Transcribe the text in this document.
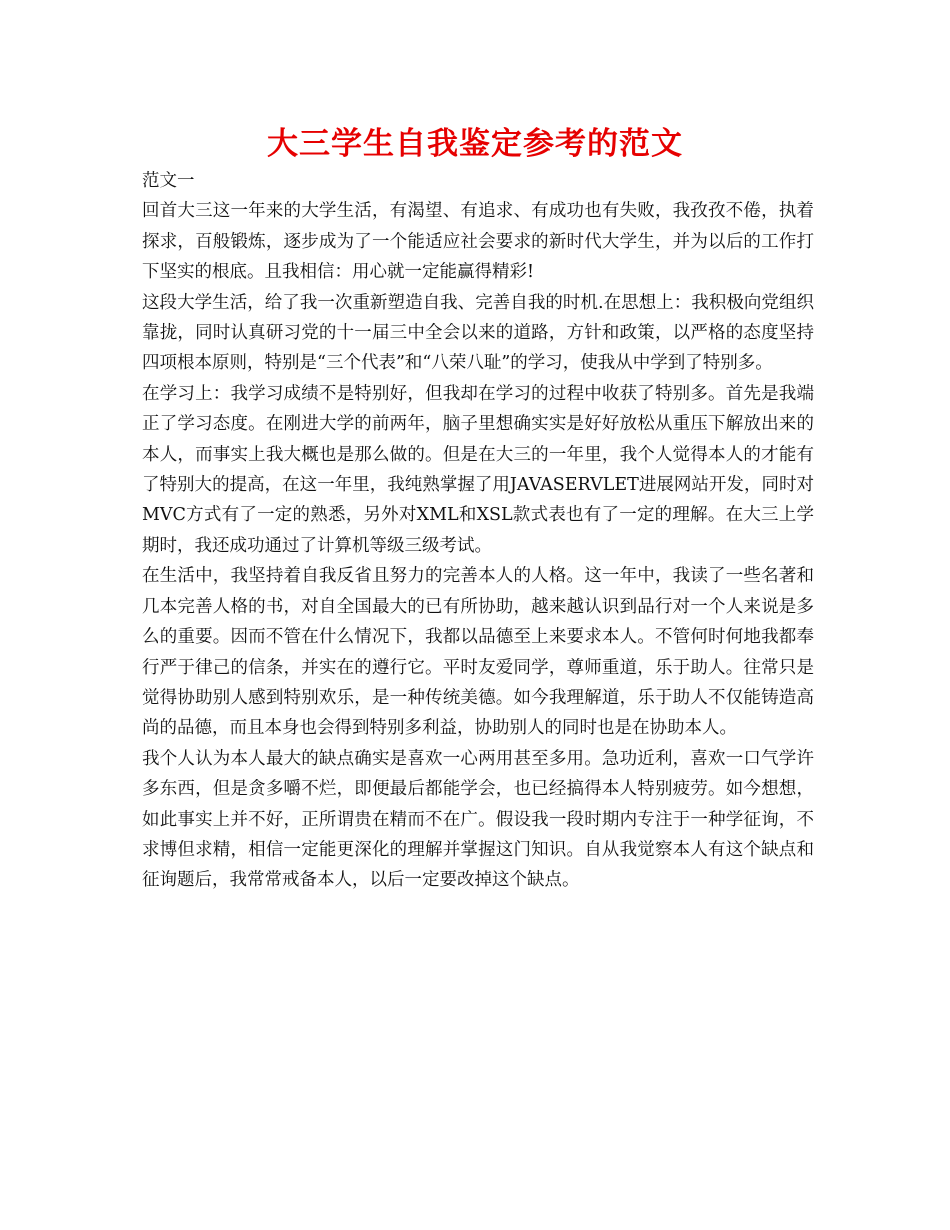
大三学生自我鉴定参考的范文

范文一

回首大三这一年来的大学生活，有渴望、有追求、有成功也有失败，我孜孜不倦，执着探求，百般锻炼，逐步成为了一个能适应社会要求的新时代大学生，并为以后的工作打下坚实的根底。且我相信：用心就一定能赢得精彩!

这段大学生活，给了我一次重新塑造自我、完善自我的时机.在思想上：我积极向党组织靠拢，同时认真研习党的十一届三中全会以来的道路，方针和政策，以严格的态度坚持四项根本原则，特别是“三个代表”和“八荣八耻”的学习，使我从中学到了特别多。

在学习上：我学习成绩不是特别好，但我却在学习的过程中收获了特别多。首先是我端正了学习态度。在刚进大学的前两年，脑子里想确实实是好好放松从重压下解放出来的本人，而事实上我大概也是那么做的。但是在大三的一年里，我个人觉得本人的才能有了特别大的提高，在这一年里，我纯熟掌握了用JAVASERVLET进展网站开发，同时对MVC方式有了一定的熟悉，另外对XML和XSL款式表也有了一定的理解。在大三上学期时，我还成功通过了计算机等级三级考试。

在生活中，我坚持着自我反省且努力的完善本人的人格。这一年中，我读了一些名著和几本完善人格的书，对自全国最大的已有所协助，越来越认识到品行对一个人来说是多么的重要。因而不管在什么情况下，我都以品德至上来要求本人。不管何时何地我都奉行严于律己的信条，并实在的遵行它。平时友爱同学，尊师重道，乐于助人。往常只是觉得协助别人感到特别欢乐，是一种传统美德。如今我理解道，乐于助人不仅能铸造高尚的品德，而且本身也会得到特别多利益，协助别人的同时也是在协助本人。

我个人认为本人最大的缺点确实是喜欢一心两用甚至多用。急功近利，喜欢一口气学许多东西，但是贪多嚼不烂，即便最后都能学会，也已经搞得本人特别疲劳。如今想想，如此事实上并不好，正所谓贵在精而不在广。假设我一段时期内专注于一种学征询，不求博但求精，相信一定能更深化的理解并掌握这门知识。自从我觉察本人有这个缺点和征询题后，我常常戒备本人，以后一定要改掉这个缺点。
